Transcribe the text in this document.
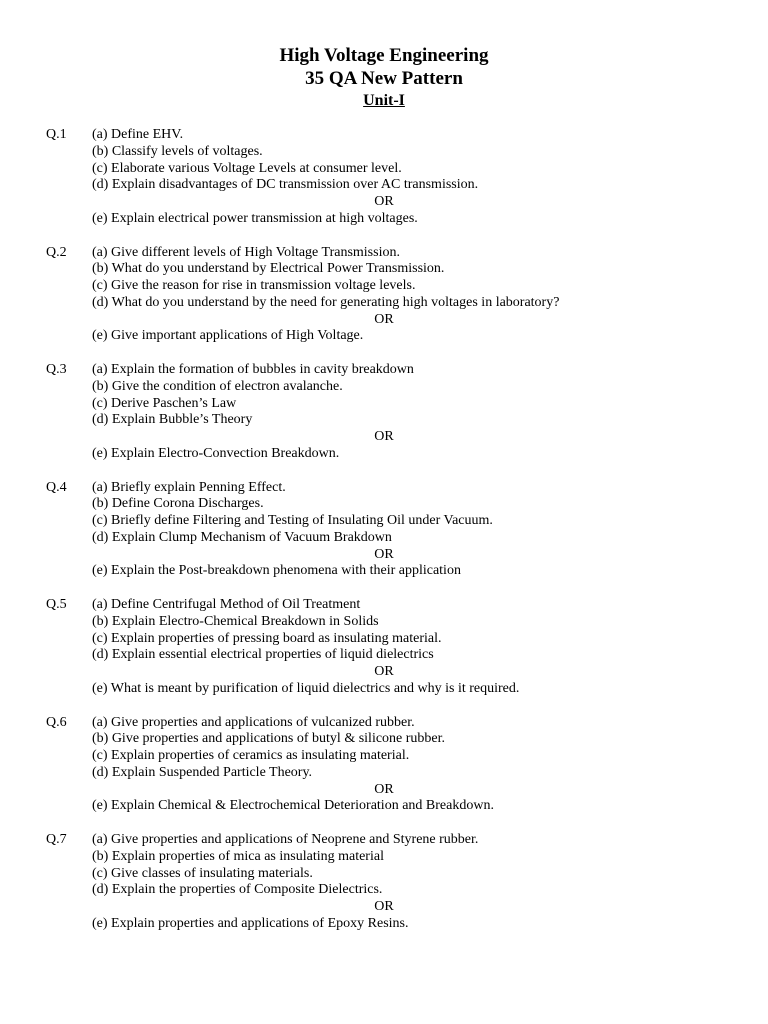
High Voltage Engineering
35 QA New Pattern
Unit-I
Q.1 (a) Define EHV.
(b) Classify levels of voltages.
(c) Elaborate various Voltage Levels at consumer level.
(d) Explain disadvantages of DC transmission over AC transmission.
OR
(e) Explain electrical power transmission at high voltages.
Q.2 (a) Give different levels of High Voltage Transmission.
(b) What do you understand by Electrical Power Transmission.
(c) Give the reason for rise in transmission voltage levels.
(d) What do you understand by the need for generating high voltages in laboratory?
OR
(e) Give important applications of High Voltage.
Q.3 (a) Explain the formation of bubbles in cavity breakdown
(b) Give the condition of electron avalanche.
(c) Derive Paschen’s Law
(d) Explain Bubble’s Theory
OR
(e) Explain Electro-Convection Breakdown.
Q.4 (a) Briefly explain Penning Effect.
(b) Define Corona Discharges.
(c) Briefly define Filtering and Testing of Insulating Oil under Vacuum.
(d) Explain Clump Mechanism of Vacuum Brakdown
OR
(e) Explain the Post-breakdown phenomena with their application
Q.5 (a) Define Centrifugal Method of Oil Treatment
(b) Explain Electro-Chemical Breakdown in Solids
(c) Explain properties of pressing board as insulating material.
(d) Explain essential electrical properties of liquid dielectrics
OR
(e) What is meant by purification of liquid dielectrics and why is it required.
Q.6 (a) Give properties and applications of vulcanized rubber.
(b) Give properties and applications of butyl & silicone rubber.
(c) Explain properties of ceramics as insulating material.
(d) Explain Suspended Particle Theory.
OR
(e) Explain Chemical & Electrochemical Deterioration and Breakdown.
Q.7 (a) Give properties and applications of Neoprene and Styrene rubber.
(b) Explain properties of mica as insulating material
(c) Give classes of insulating materials.
(d) Explain the properties of Composite Dielectrics.
OR
(e) Explain properties and applications of Epoxy Resins.
